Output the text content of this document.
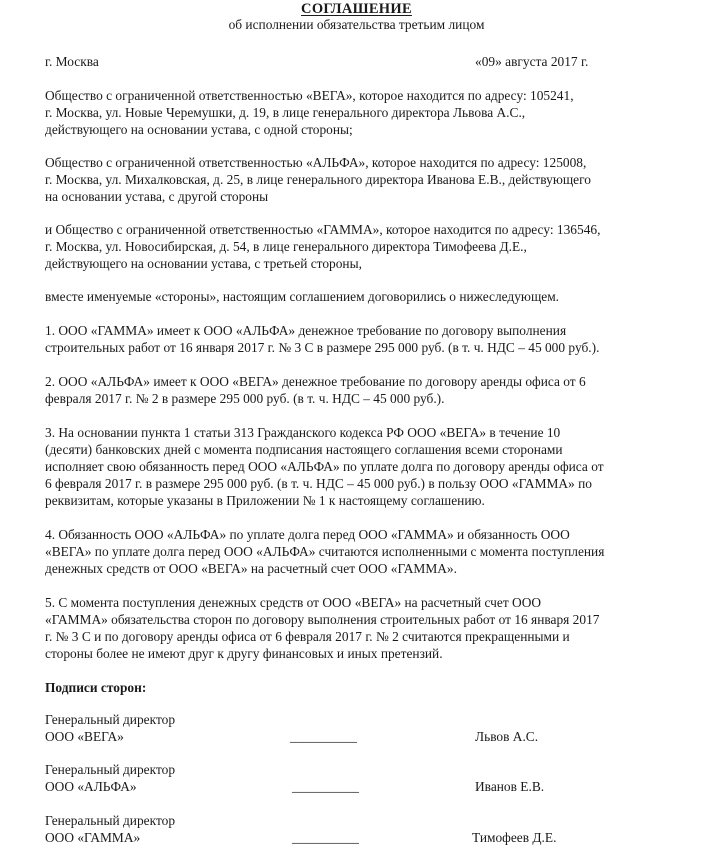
СОГЛАШЕНИЕ
об исполнении обязательства третьим лицом
г. Москва	«09» августа 2017 г.
Общество с ограниченной ответственностью «ВЕГА», которое находится по адресу: 105241,
г. Москва, ул. Новые Черемушки, д. 19, в лице генерального директора Львова А.С.,
действующего на основании устава, с одной стороны;
Общество с ограниченной ответственностью «АЛЬФА», которое находится по адресу: 125008,
г. Москва, ул. Михалковская, д. 25, в лице генерального директора Иванова Е.В., действующего
на основании устава, с другой стороны
и Общество с ограниченной ответственностью «ГАММА», которое находится по адресу: 136546,
г. Москва, ул. Новосибирская, д. 54, в лице генерального директора Тимофеева Д.Е.,
действующего на основании устава, с третьей стороны,
вместе именуемые «стороны», настоящим соглашением договорились о нижеследующем.
1. ООО «ГАММА» имеет к ООО «АЛЬФА» денежное требование по договору выполнения
строительных работ от 16 января 2017 г. № 3 С в размере 295 000 руб. (в т. ч. НДС – 45 000 руб.).
2. ООО «АЛЬФА» имеет к ООО «ВЕГА» денежное требование по договору аренды офиса от 6
февраля 2017 г. № 2 в размере 295 000 руб. (в т. ч. НДС – 45 000 руб.).
3. На основании пункта 1 статьи 313 Гражданского кодекса РФ ООО «ВЕГА» в течение 10
(десяти) банковских дней с момента подписания настоящего соглашения всеми сторонами
исполняет свою обязанность перед ООО «АЛЬФА» по уплате долга по договору аренды офиса от
6 февраля 2017 г. в размере 295 000 руб. (в т. ч. НДС – 45 000 руб.) в пользу ООО «ГАММА» по
реквизитам, которые указаны в Приложении № 1 к настоящему соглашению.
4. Обязанность ООО «АЛЬФА» по уплате долга перед ООО «ГАММА» и обязанность ООО
«ВЕГА» по уплате долга перед ООО «АЛЬФА» считаются исполненными с момента поступления
денежных средств от ООО «ВЕГА» на расчетный счет ООО «ГАММА».
5. С момента поступления денежных средств от ООО «ВЕГА» на расчетный счет ООО
«ГАММА» обязательства сторон по договору выполнения строительных работ от 16 января 2017
г. № 3 С и по договору аренды офиса от 6 февраля 2017 г. № 2 считаются прекращенными и
стороны более не имеют друг к другу финансовых и иных претензий.
Подписи сторон:
Генеральный директор
ООО «ВЕГА»	__________	Львов А.С.
Генеральный директор
ООО «АЛЬФА»	__________	Иванов Е.В.
Генеральный директор
ООО «ГАММА»	__________	Тимофеев Д.Е.
